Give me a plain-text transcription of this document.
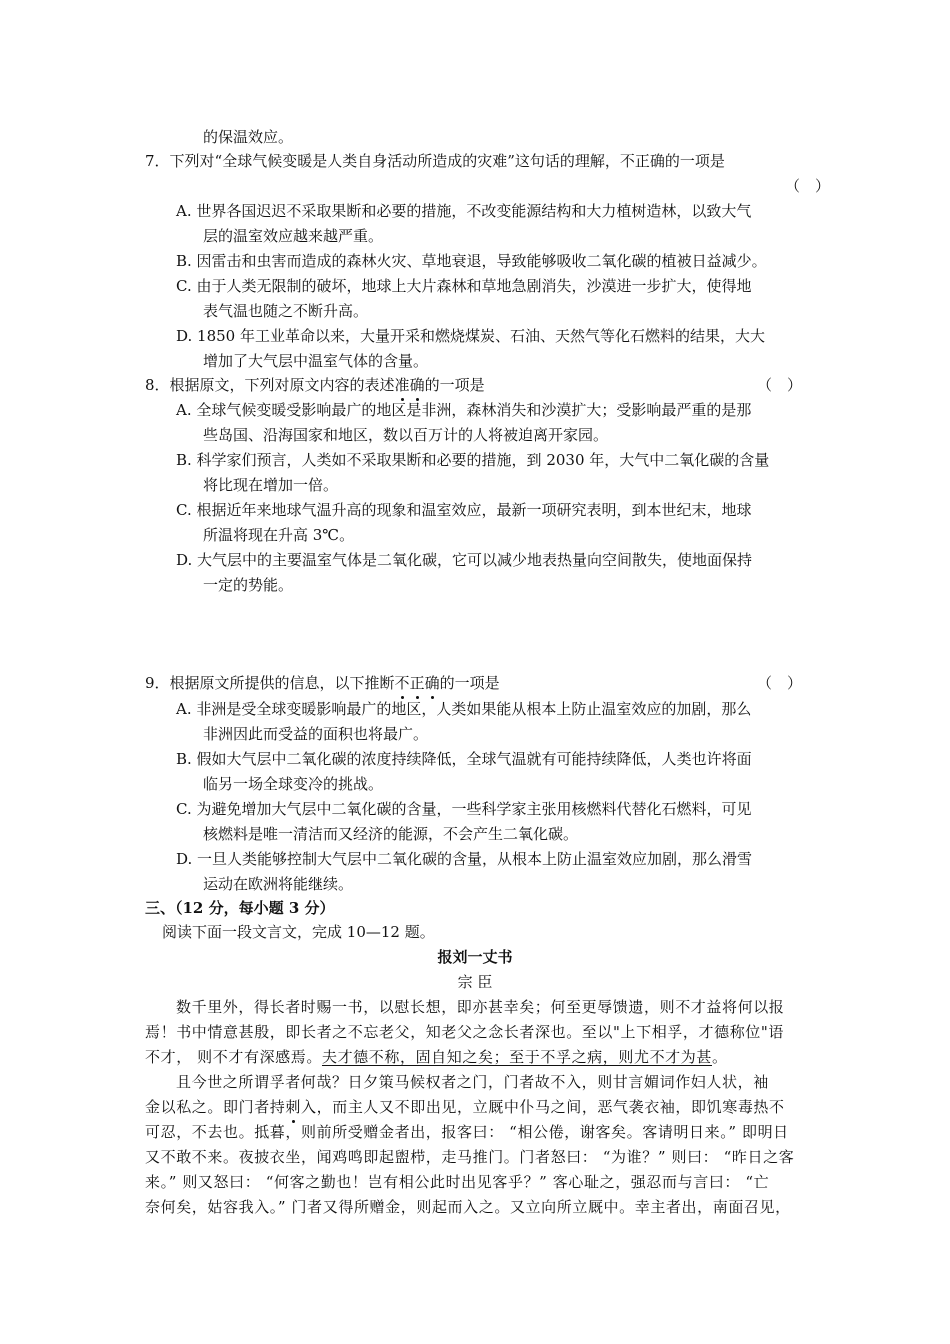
的保温效应。
7．下列对“全球气候变暖是人类自身活动所造成的灾难”这句话的理解，不正确的一项是
（　）
A. 世界各国迟迟不采取果断和必要的措施，不改变能源结构和大力植树造林，以致大气
层的温室效应越来越严重。
B. 因雷击和虫害而造成的森林火灾、草地衰退，导致能够吸收二氧化碳的植被日益减少。
C. 由于人类无限制的破坏，地球上大片森林和草地急剧消失，沙漠进一步扩大，使得地
表气温也随之不断升高。
D. 1850 年工业革命以来，大量开采和燃烧煤炭、石油、天然气等化石燃料的结果，大大
增加了大气层中温室气体的含量。
8．根据原文，下列对原文内容的表述准确的一项是	（　）
A. 全球气候变暖受影响最广的地区是非洲，森林消失和沙漠扩大；受影响最严重的是那
些岛国、沿海国家和地区，数以百万计的人将被迫离开家园。
B. 科学家们预言，人类如不采取果断和必要的措施，到 2030 年，大气中二氧化碳的含量
将比现在增加一倍。
C. 根据近年来地球气温升高的现象和温室效应，最新一项研究表明，到本世纪末，地球
所温将现在升高 3℃。
D. 大气层中的主要温室气体是二氧化碳，它可以减少地表热量向空间散失，使地面保持
一定的势能。
9．根据原文所提供的信息，以下推断不正确的一项是	（　）
A. 非洲是受全球变暖影响最广的地区，人类如果能从根本上防止温室效应的加剧，那么
非洲因此而受益的面积也将最广。
B. 假如大气层中二氧化碳的浓度持续降低，全球气温就有可能持续降低，人类也许将面
临另一场全球变冷的挑战。
C. 为避免增加大气层中二氧化碳的含量，一些科学家主张用核燃料代替化石燃料，可见
核燃料是唯一清洁而又经济的能源，不会产生二氧化碳。
D. 一旦人类能够控制大气层中二氧化碳的含量，从根本上防止温室效应加剧，那么滑雪
运动在欧洲将能继续。
三、（12 分，每小题 3 分）
阅读下面一段文言文，完成 10—12 题。
报刘一丈书
宗 臣
数千里外，得长者时赐一书，以慰长想，即亦甚幸矣；何至更辱馈遗，则不才益将何以报
焉！书中情意甚殷，即长者之不忘老父，知老父之念长者深也。至以"上下相孚，才德称位"语
不才， 则不才有深感焉。夫才德不称，固自知之矣；至于不孚之病，则尤不才为甚。
且今世之所谓孚者何哉？日夕策马候权者之门，门者故不入，则甘言媚词作妇人状，袖
金以私之。即门者持刺入，而主人又不即出见，立厩中仆马之间，恶气袭衣袖，即饥寒毒热不
可忍，不去也。抵暮，则前所受赠金者出，报客曰： “相公倦，谢客矣。客请明日来。” 即明日
又不敢不来。夜披衣坐，闻鸡鸣即起盥栉，走马推门。门者怒曰： “为谁？” 则曰： “昨日之客
来。” 则又怒曰： “何客之勤也！岂有相公此时出见客乎？” 客心耻之，强忍而与言曰： “亡
奈何矣，姑容我入。” 门者又得所赠金，则起而入之。又立向所立厩中。幸主者出，南面召见，
